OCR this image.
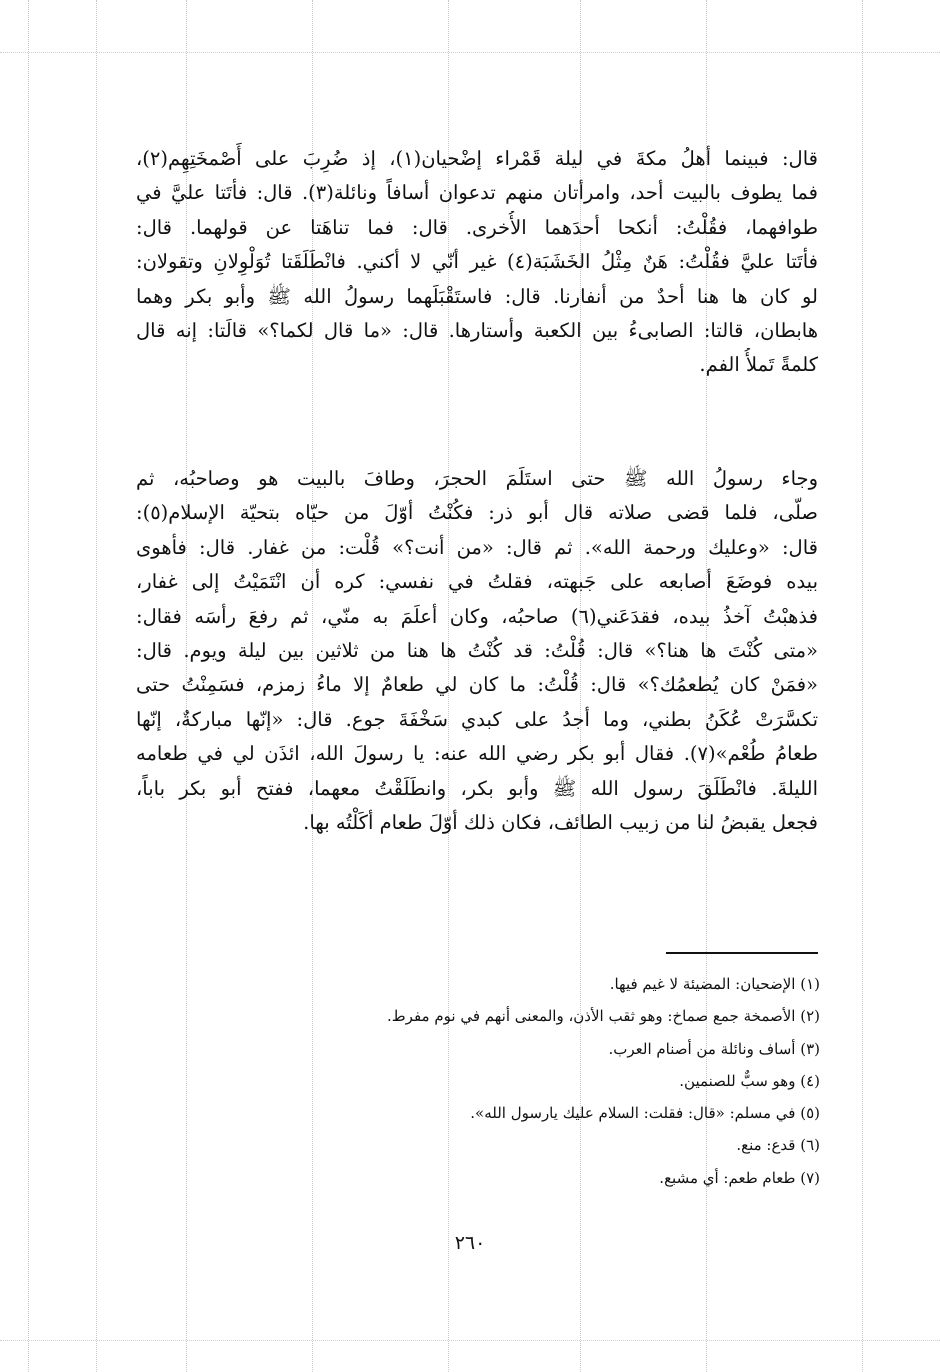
قال: فبينما أهلُ مكةَ في ليلة قَمْراء إضْحيان(١)، إذ ضُرِبَ على أَصْمخَتِهِم(٢)،
فما يطوف بالبيت أحد، وامرأتان منهم تدعوان أسافاً ونائلة(٣). قال: فأتَتا عليَّ في
طوافهما، فقُلْتُ: أنكحا أحدَهما الأُخرى. قال: فما تناهَتا عن قولهما. قال:
فأتَتا عليَّ فقُلْتُ: هَنٌ مِثْلُ الخَشَبَة(٤) غير أنّي لا أكني. فانْطَلَقَتا تُوَلْوِلانِ وتقولان:
لو كان ها هنا أحدٌ من أنفارنا. قال: فاستَقْبَلَهما رسولُ الله ﷺ وأبو بكر وهما
هابطان، قالتا: الصابىءُ بين الكعبة وأستارها. قال: «ما قال لكما؟» قالَتا: إنه قال
كلمةً تَملأُ الفم.
وجاء رسولُ الله ﷺ حتى استَلَمَ الحجرَ، وطافَ بالبيت هو وصاحبُه، ثم
صلّى، فلما قضى صلاته قال أبو ذر: فكُنْتُ أوّلَ من حيّاه بتحيّة الإسلام(٥):
قال: «وعليك ورحمة الله». ثم قال: «من أنت؟» قُلْت: من غفار. قال: فأهوى
بيده فوضَعَ أصابعه على جَبهته، فقلتُ في نفسي: كره أن انْتَمَيْتُ إلى غفار،
فذهبْتُ آخذُ بيده، فقدَعَني(٦) صاحبُه، وكان أعلَمَ به منّي، ثم رفعَ رأسَه فقال:
«متى كُنْتَ ها هنا؟» قال: قُلْتُ: قد كُنْتُ ها هنا من ثلاثين بين ليلة ويوم. قال:
«فمَنْ كان يُطعمُك؟» قال: قُلْتُ: ما كان لي طعامٌ إلا ماءُ زمزم، فسَمِنْتُ حتى
تكسَّرَتْ عُكَنُ بطني، وما أجدُ على كبدي سَخْفَةَ جوع. قال: «إنّها مباركةٌ، إنّها
طعامُ طُعْم»(٧). فقال أبو بكر رضي الله عنه: يا رسولَ الله، ائذَن لي في طعامه
الليلةَ. فانْطَلَقَ رسول الله ﷺ وأبو بكر، وانطَلَقْتُ معهما، ففتح أبو بكر باباً،
فجعل يقبضُ لنا من زبيب الطائف، فكان ذلك أوّلَ طعام أكَلْتُه بها.
(١) الإضحيان: المضيئة لا غيم فيها.
(٢) الأصمخة جمع صماخ: وهو ثقب الأذن، والمعنى أنهم في نوم مفرط.
(٣) أساف ونائلة من أصنام العرب.
(٤) وهو سبٌّ للصنمين.
(٥) في مسلم: «قال: فقلت: السلام عليك يارسول الله».
(٦) قدع: منع.
(٧) طعام طعم: أي مشبع.
٢٦٠
